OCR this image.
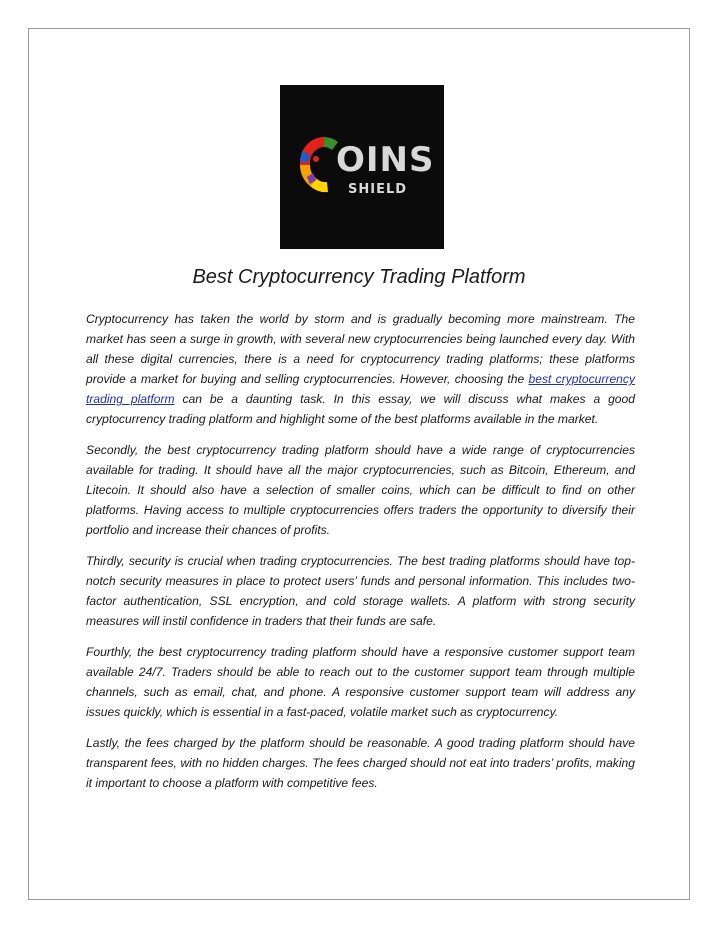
OINS
SHIELD
Best Cryptocurrency Trading Platform

Cryptocurrency has taken the world by storm and is gradually becoming more mainstream. The market has seen a surge in growth, with several new cryptocurrencies being launched every day. With all these digital currencies, there is a need for cryptocurrency trading platforms; these platforms provide a market for buying and selling cryptocurrencies. However, choosing the best cryptocurrency trading platform can be a daunting task. In this essay, we will discuss what makes a good cryptocurrency trading platform and highlight some of the best platforms available in the market.

Secondly, the best cryptocurrency trading platform should have a wide range of cryptocurrencies available for trading. It should have all the major cryptocurrencies, such as Bitcoin, Ethereum, and Litecoin. It should also have a selection of smaller coins, which can be difficult to find on other platforms. Having access to multiple cryptocurrencies offers traders the opportunity to diversify their portfolio and increase their chances of profits.

Thirdly, security is crucial when trading cryptocurrencies. The best trading platforms should have top-notch security measures in place to protect users’ funds and personal information. This includes two-factor authentication, SSL encryption, and cold storage wallets. A platform with strong security measures will instil confidence in traders that their funds are safe.

Fourthly, the best cryptocurrency trading platform should have a responsive customer support team available 24/7. Traders should be able to reach out to the customer support team through multiple channels, such as email, chat, and phone. A responsive customer support team will address any issues quickly, which is essential in a fast-paced, volatile market such as cryptocurrency.

Lastly, the fees charged by the platform should be reasonable. A good trading platform should have transparent fees, with no hidden charges. The fees charged should not eat into traders’ profits, making it important to choose a platform with competitive fees.
